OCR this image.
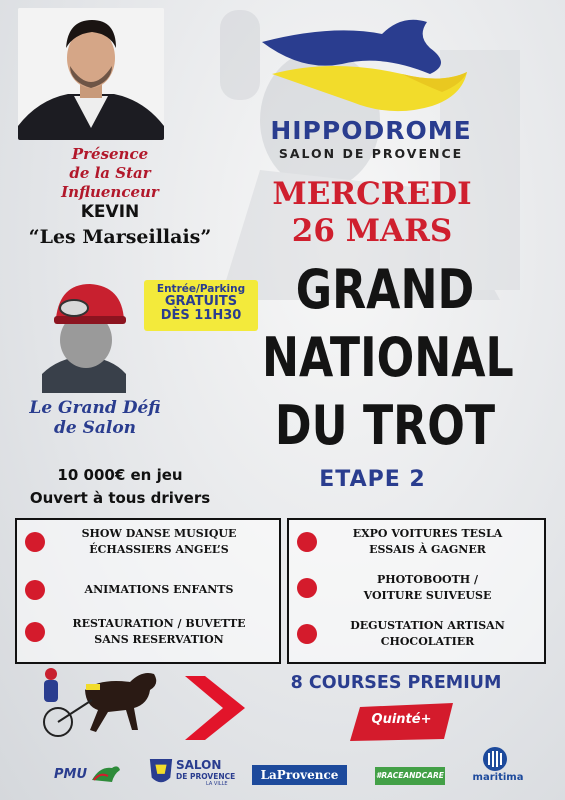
HIPPODROME
SALON DE PROVENCE
MERCREDI
26 MARS
GRAND
NATIONAL
DU TROT
ETAPE 2
Présence
de la Star Influenceur
KEVIN
“Les Marseillais”
Entrée/Parking
GRATUITS
DÈS 11H30
Le Grand Défi
de Salon
10 000€ en jeu
Ouvert à tous drivers
SHOW DANSE MUSIQUE
ÉCHASSIERS ANGEL’S
ANIMATIONS ENFANTS
RESTAURATION / BUVETTE
SANS RESERVATION
EXPO VOITURES TESLA
ESSAIS À GAGNER
PHOTOBOOTH /
VOITURE SUIVEUSE
DEGUSTATION ARTISAN
CHOCOLATIER
8 COURSES PREMIUM
Quinté+
PMU
SALON
DE PROVENCE
LA VILLE
LaProvence	#RACEANDCARE	maritima
